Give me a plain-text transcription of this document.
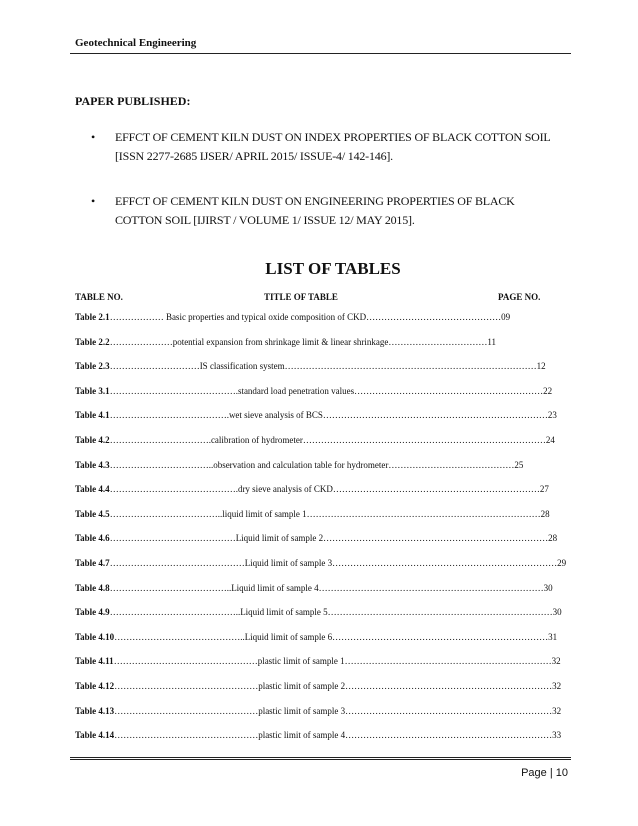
Geotechnical Engineering
PAPER PUBLISHED:
• EFFCT OF CEMENT KILN DUST ON INDEX PROPERTIES OF BLACK COTTON SOIL [ISSN 2277-2685 IJSER/ APRIL 2015/ ISSUE-4/ 142-146].
• EFFCT OF CEMENT KILN DUST ON ENGINEERING PROPERTIES OF BLACK COTTON SOIL [IJIRST / VOLUME 1/ ISSUE 12/ MAY 2015].
LIST OF TABLES
TABLE NO.	TITLE OF TABLE	PAGE NO.
Table 2.1……………… Basic properties and typical oxide composition of CKD………………………………………09
Table 2.2…………………potential expansion from shrinkage limit & linear shrinkage……………………………11
Table 2.3…………………………IS classification system…………………………………………………………………………12
Table 3.1…………………………………….standard load penetration values………………………………………………………22
Table 4.1………………………………….wet sieve analysis of BCS…………………………………………………………………23
Table 4.2…………………………….calibration of hydrometer………………………………………………………………………24
Table 4.3……………………………..observation and calculation table for hydrometer……………………………………25
Table 4.4…………………………………….dry sieve analysis of CKD……………………………………………………………27
Table 4.5………………………………..liquid limit of sample 1……………………………………………………………………28
Table 4.6……………………………………Liquid limit of sample 2…………………………………………………………………28
Table 4.7………………………………………Liquid limit of sample 3…………………………………………………………………29
Table 4.8…………………………………..Liquid limit of sample 4…………………………………………………………………30
Table 4.9……………………………………..Liquid limit of sample 5…………………………………………………………………30
Table 4.10……………………………………..Liquid limit of sample 6………………………………………………………………31
Table 4.11…………………………………………plastic limit of sample 1……………………………………………………………32
Table 4.12…………………………………………plastic limit of sample 2……………………………………………………………32
Table 4.13…………………………………………plastic limit of sample 3……………………………………………………………32
Table 4.14…………………………………………plastic limit of sample 4……………………………………………………………33
Page | 10
